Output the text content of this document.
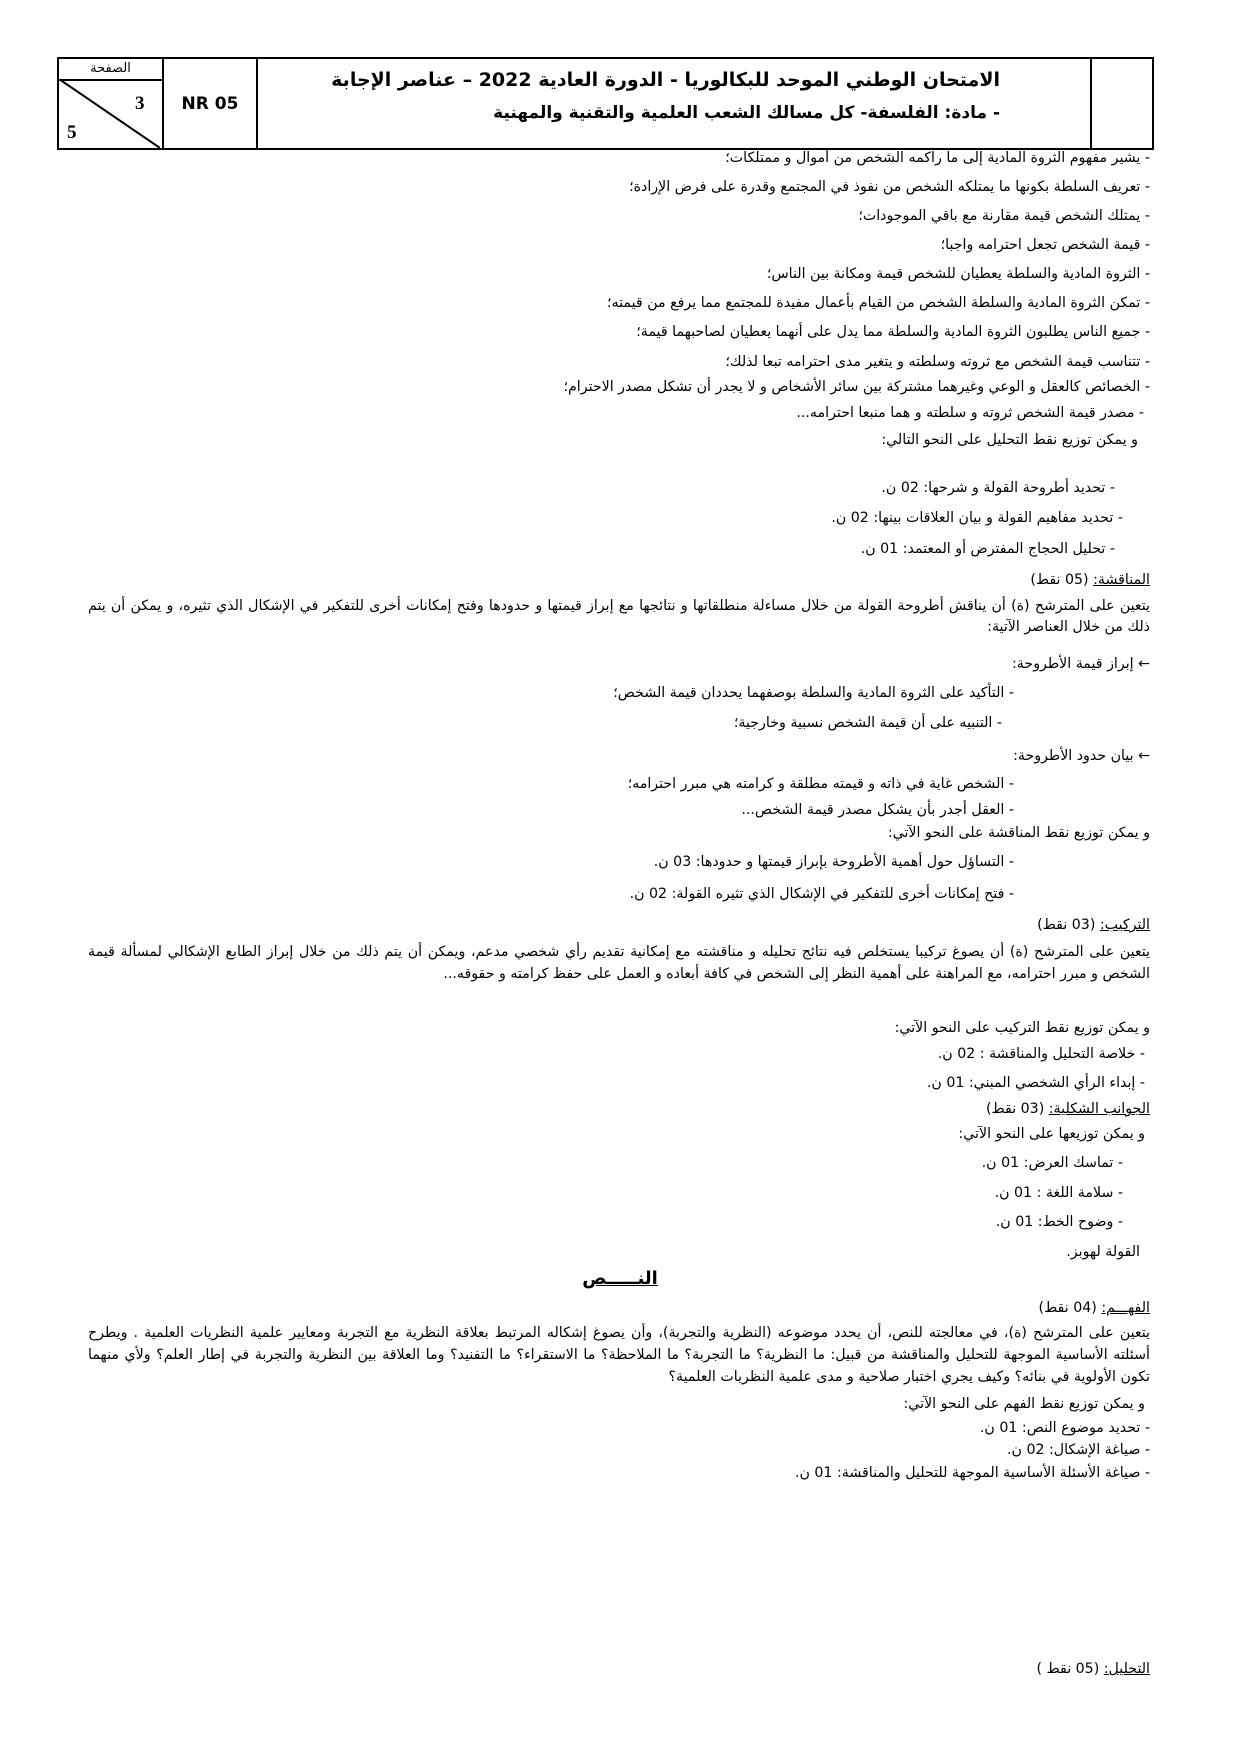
الصفحة
3
5
NR 05
الامتحان الوطني الموحد للبكالوريا - الدورة العادية 2022 – عناصر الإجابة
- مادة: الفلسفة- كل مسالك الشعب العلمية والتقنية والمهنية
- يشير مفهوم الثروة المادية إلى ما راكمه الشخص من أموال و ممتلكات؛
- تعريف السلطة بكونها ما يمتلكه الشخص من نفوذ في المجتمع وقدرة على فرض الإرادة؛
- يمتلك الشخص قيمة مقارنة مع باقي الموجودات؛
- قيمة الشخص تجعل احترامه واجبا؛
- الثروة المادية والسلطة يعطيان للشخص قيمة ومكانة بين الناس؛
- تمكن الثروة المادية والسلطة الشخص من القيام بأعمال مفيدة للمجتمع مما يرفع من قيمته؛
- جميع الناس يطلبون الثروة المادية والسلطة مما يدل على أنهما يعطيان لصاحبهما قيمة؛
- تتناسب قيمة الشخص مع ثروته وسلطته و يتغير مدى احترامه تبعا لذلك؛
- الخصائص كالعقل و الوعي وغيرهما مشتركة بين سائر الأشخاص و لا يجدر أن تشكل مصدر الاحترام؛
- مصدر قيمة الشخص ثروته و سلطته و هما منبعا احترامه...
و يمكن توزيع نقط التحليل على النحو التالي:
- تحديد أطروحة القولة و شرحها: 02 ن.
- تحديد مفاهيم القولة و بيان العلاقات بينها: 02 ن.
- تحليل الحجاج المفترض أو المعتمد: 01 ن.
المناقشة: (05 نقط)
يتعين على المترشح (ة) أن يناقش أطروحة القولة من خلال مساءلة منطلقاتها و نتائجها مع إبراز قيمتها و حدودها وفتح إمكانات أخرى للتفكير في الإشكال الذي تثيره، و يمكن أن يتم ذلك من خلال العناصر الآتية:
← إبراز قيمة الأطروحة:
- التأكيد على الثروة المادية والسلطة بوصفهما يحددان قيمة الشخص؛
- التنبيه على أن قيمة الشخص نسبية وخارجية؛
← بيان حدود الأطروحة:
- الشخص غاية في ذاته و قيمته مطلقة و كرامته هي مبرر احترامه؛
- العقل أجدر بأن يشكل مصدر قيمة الشخص...
و يمكن توزيع نقط المناقشة على النحو الآتي:
- التساؤل حول أهمية الأطروحة بإبراز قيمتها و حدودها: 03 ن.
- فتح إمكانات أخرى للتفكير في الإشكال الذي تثيره القولة: 02 ن.
التركيب: (03 نقط)
يتعين على المترشح (ة) أن يصوغ تركيبا يستخلص فيه نتائج تحليله و مناقشته مع إمكانية تقديم رأي شخصي مدعم، ويمكن أن يتم ذلك من خلال إبراز الطابع الإشكالي لمسألة قيمة الشخص و مبرر احترامه، مع المراهنة على أهمية النظر إلى الشخص في كافة أبعاده و العمل على حفظ كرامته و حقوقه...
و يمكن توزيع نقط التركيب على النحو الآتي:
- خلاصة التحليل والمناقشة : 02 ن.
- إبداء الرأي الشخصي المبني: 01 ن.
الجوانب الشكلية: (03 نقط)
و يمكن توزيعها على النحو الآتي:
- تماسك العرض: 01 ن.
- سلامة اللغة : 01 ن.
- وضوح الخط: 01 ن.
القولة لهوبز.
النـــــص
الفهـــم: (04 نقط)
يتعين على المترشح (ة)، في معالجته للنص، أن يحدد موضوعه (النظرية والتجربة)، وأن يصوغ إشكاله المرتبط بعلاقة النظرية مع التجربة ومعايير علمية النظريات العلمية . ويطرح أسئلته الأساسية الموجهة للتحليل والمناقشة من قبيل: ما النظرية؟ ما التجربة؟ ما الملاحظة؟ ما الاستقراء؟ ما التفنيد؟ وما العلاقة بين النظرية والتجربة في إطار العلم؟ ولأي منهما تكون الأولوية في بنائه؟ وكيف يجري اختبار صلاحية و مدى علمية النظريات العلمية؟
و يمكن توزيع نقط الفهم على النحو الآتي:
- تحديد موضوع النص: 01 ن.
- صياغة الإشكال: 02 ن.
- صياغة الأسئلة الأساسية الموجهة للتحليل والمناقشة: 01 ن.
التحليل: (05 نقط )
